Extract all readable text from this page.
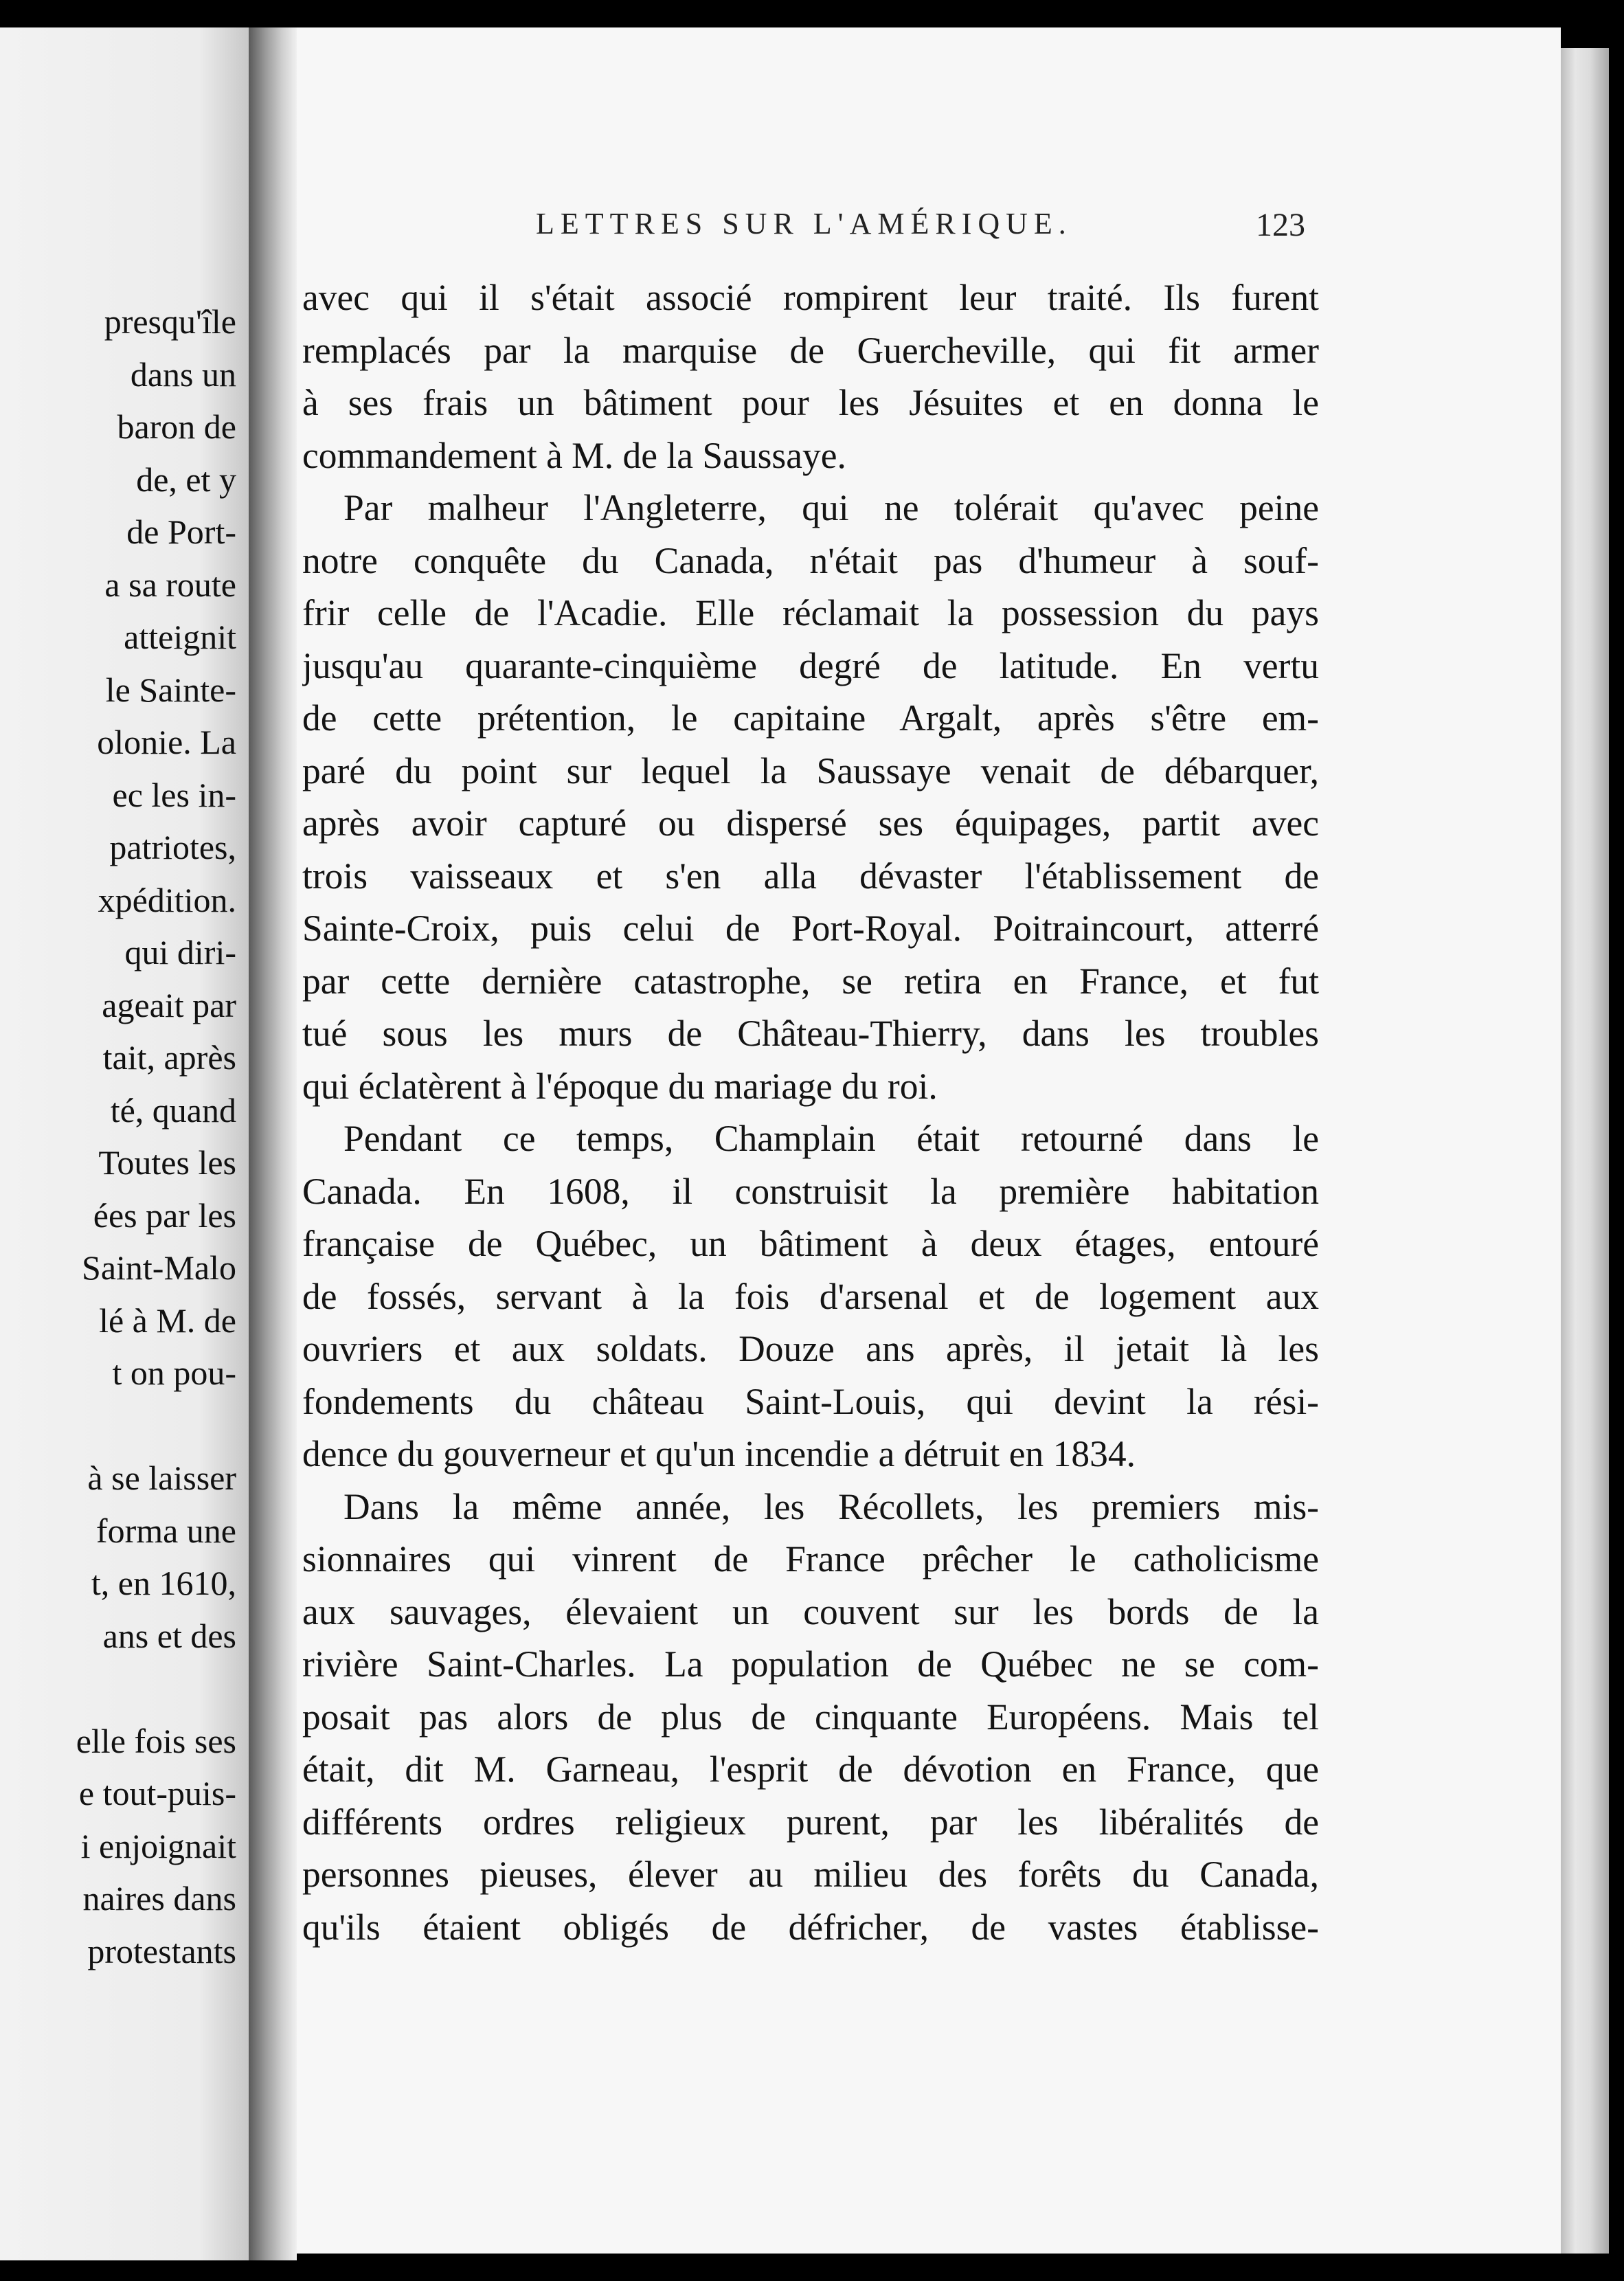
presqu'île
dans un
baron de
de, et y
de Port-
a sa route
atteignit
le Sainte-
olonie. La
ec les in-
patriotes,
xpédition.
qui diri-
ageait par
tait, après
té, quand
Toutes les
ées par les
Saint-Malo
lé à M. de
t on pou-
à se laisser
forma une
t, en 1610,
ans et des
elle fois ses
e tout-puis-
i enjoignait
naires dans
protestants
LETTRES SUR L'AMÉRIQUE.	123
avec qui il s'était associé rompirent leur traité. Ils furent
remplacés par la marquise de Guercheville, qui fit armer
à ses frais un bâtiment pour les Jésuites et en donna le
commandement à M. de la Saussaye.
Par malheur l'Angleterre, qui ne tolérait qu'avec peine
notre conquête du Canada, n'était pas d'humeur à souf-
frir celle de l'Acadie. Elle réclamait la possession du pays
jusqu'au quarante-cinquième degré de latitude. En vertu
de cette prétention, le capitaine Argalt, après s'être em-
paré du point sur lequel la Saussaye venait de débarquer,
après avoir capturé ou dispersé ses équipages, partit avec
trois vaisseaux et s'en alla dévaster l'établissement de
Sainte-Croix, puis celui de Port-Royal. Poitraincourt, atterré
par cette dernière catastrophe, se retira en France, et fut
tué sous les murs de Château-Thierry, dans les troubles
qui éclatèrent à l'époque du mariage du roi.
Pendant ce temps, Champlain était retourné dans le
Canada. En 1608, il construisit la première habitation
française de Québec, un bâtiment à deux étages, entouré
de fossés, servant à la fois d'arsenal et de logement aux
ouvriers et aux soldats. Douze ans après, il jetait là les
fondements du château Saint-Louis, qui devint la rési-
dence du gouverneur et qu'un incendie a détruit en 1834.
Dans la même année, les Récollets, les premiers mis-
sionnaires qui vinrent de France prêcher le catholicisme
aux sauvages, élevaient un couvent sur les bords de la
rivière Saint-Charles. La population de Québec ne se com-
posait pas alors de plus de cinquante Européens. Mais tel
était, dit M. Garneau, l'esprit de dévotion en France, que
différents ordres religieux purent, par les libéralités de
personnes pieuses, élever au milieu des forêts du Canada,
qu'ils étaient obligés de défricher, de vastes établisse-
